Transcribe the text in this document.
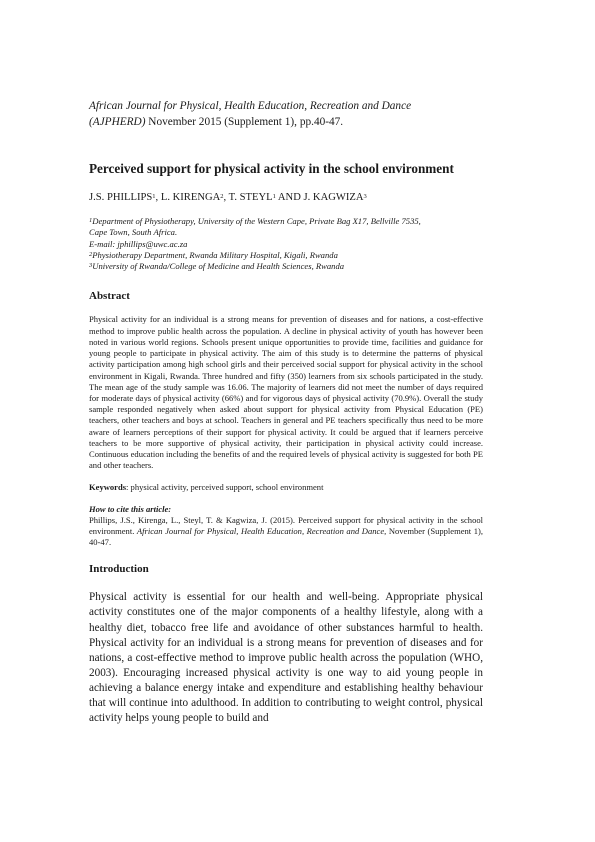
African Journal for Physical, Health Education, Recreation and Dance
(AJPHERD) November 2015 (Supplement 1), pp.40-47.

Perceived support for physical activity in the school environment

J.S. PHILLIPS$^1$, L. KIRENGA$^2$, T. STEYL$^1$ AND J. KAGWIZA$^3$

$^1$Department of Physiotherapy, University of the Western Cape, Private Bag X17, Bellville 7535,

Cape Town, South Africa.

E-mail: jphillips@uwc.ac.za

$^2$Physiotherapy Department, Rwanda Military Hospital, Kigali, Rwanda

$^3$University of Rwanda/College of Medicine and Health Sciences, Rwanda

Abstract

Physical activity for an individual is a strong means for prevention of diseases and for nations, a cost-effective method to improve public health across the population. A decline in physical activity of youth has however been noted in various world regions. Schools present unique opportunities to provide time, facilities and guidance for young people to participate in physical activity. The aim of this study is to determine the patterns of physical activity participation among high school girls and their perceived social support for physical activity in the school environment in Kigali, Rwanda. Three hundred and fifty (350) learners from six schools participated in the study. The mean age of the study sample was 16.06. The majority of learners did not meet the number of days required for moderate days of physical activity (66%) and for vigorous days of physical activity (70.9%). Overall the study sample responded negatively when asked about support for physical activity from Physical Education (PE) teachers, other teachers and boys at school. Teachers in general and PE teachers specifically thus need to be more aware of learners perceptions of their support for physical activity. It could be argued that if learners perceive teachers to be more supportive of physical activity, their participation in physical activity could increase. Continuous education including the benefits of and the required levels of physical activity is suggested for both PE and other teachers.

Keywords: physical activity, perceived support, school environment

How to cite this article:

Phillips, J.S., Kirenga, L., Steyl, T. & Kagwiza, J. (2015). Perceived support for physical activity in the school environment. African Journal for Physical, Health Education, Recreation and Dance, November (Supplement 1), 40-47.

Introduction

Physical activity is essential for our health and well-being. Appropriate physical activity constitutes one of the major components of a healthy lifestyle, along with a healthy diet, tobacco free life and avoidance of other substances harmful to health. Physical activity for an individual is a strong means for prevention of diseases and for nations, a cost-effective method to improve public health across the population (WHO, 2003). Encouraging increased physical activity is one way to aid young people in achieving a balance energy intake and expenditure and establishing healthy behaviour that will continue into adulthood. In addition to contributing to weight control, physical activity helps young people to build and
